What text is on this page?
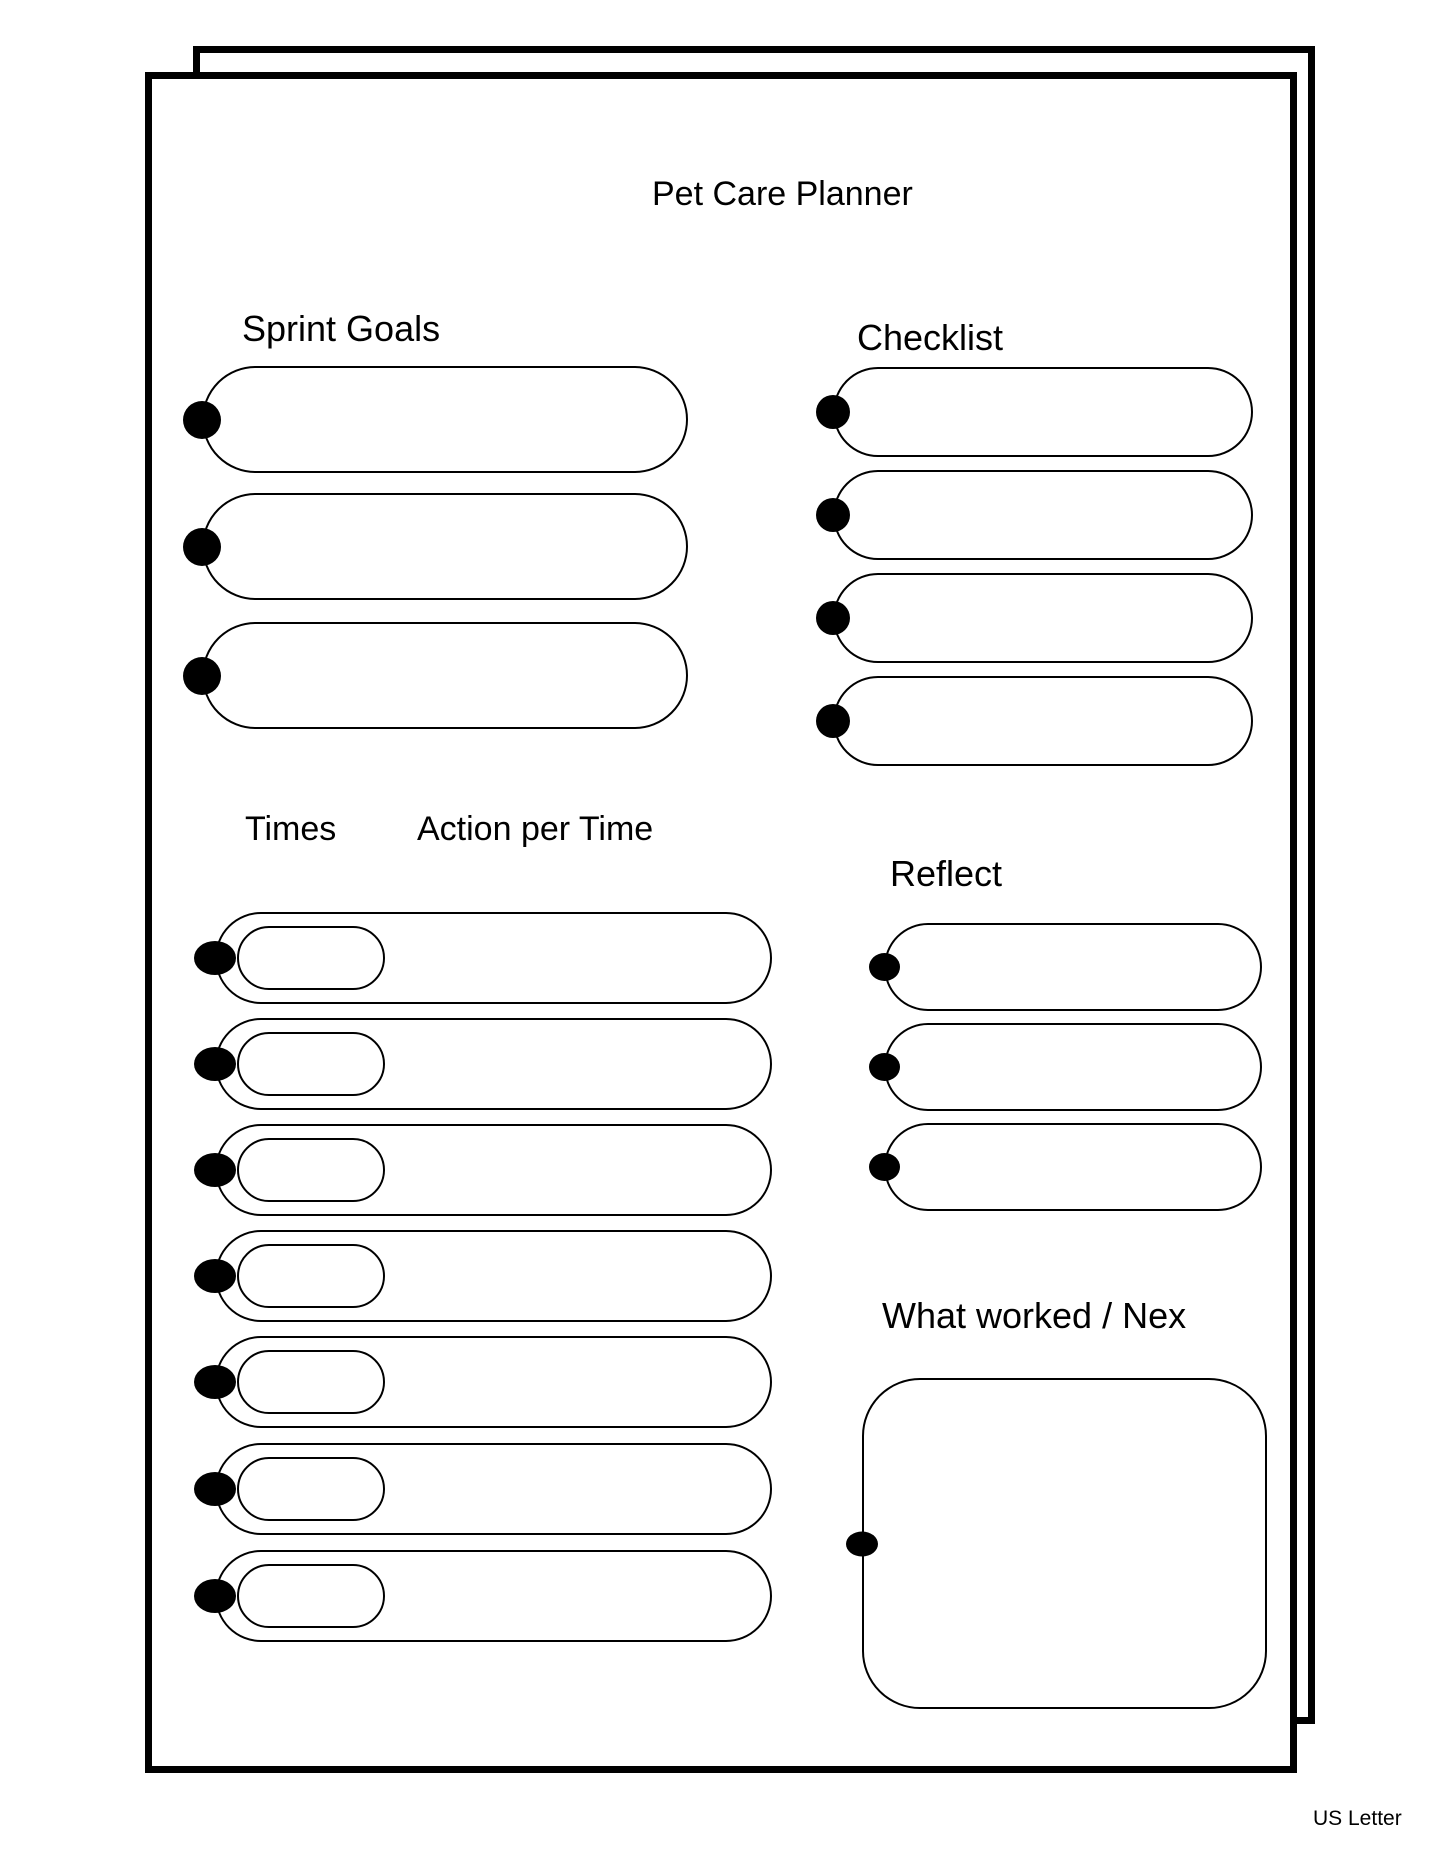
Pet Care Planner
Sprint Goals	Checklist
Times Action per Time
Reflect
What worked / Nex
US Letter
